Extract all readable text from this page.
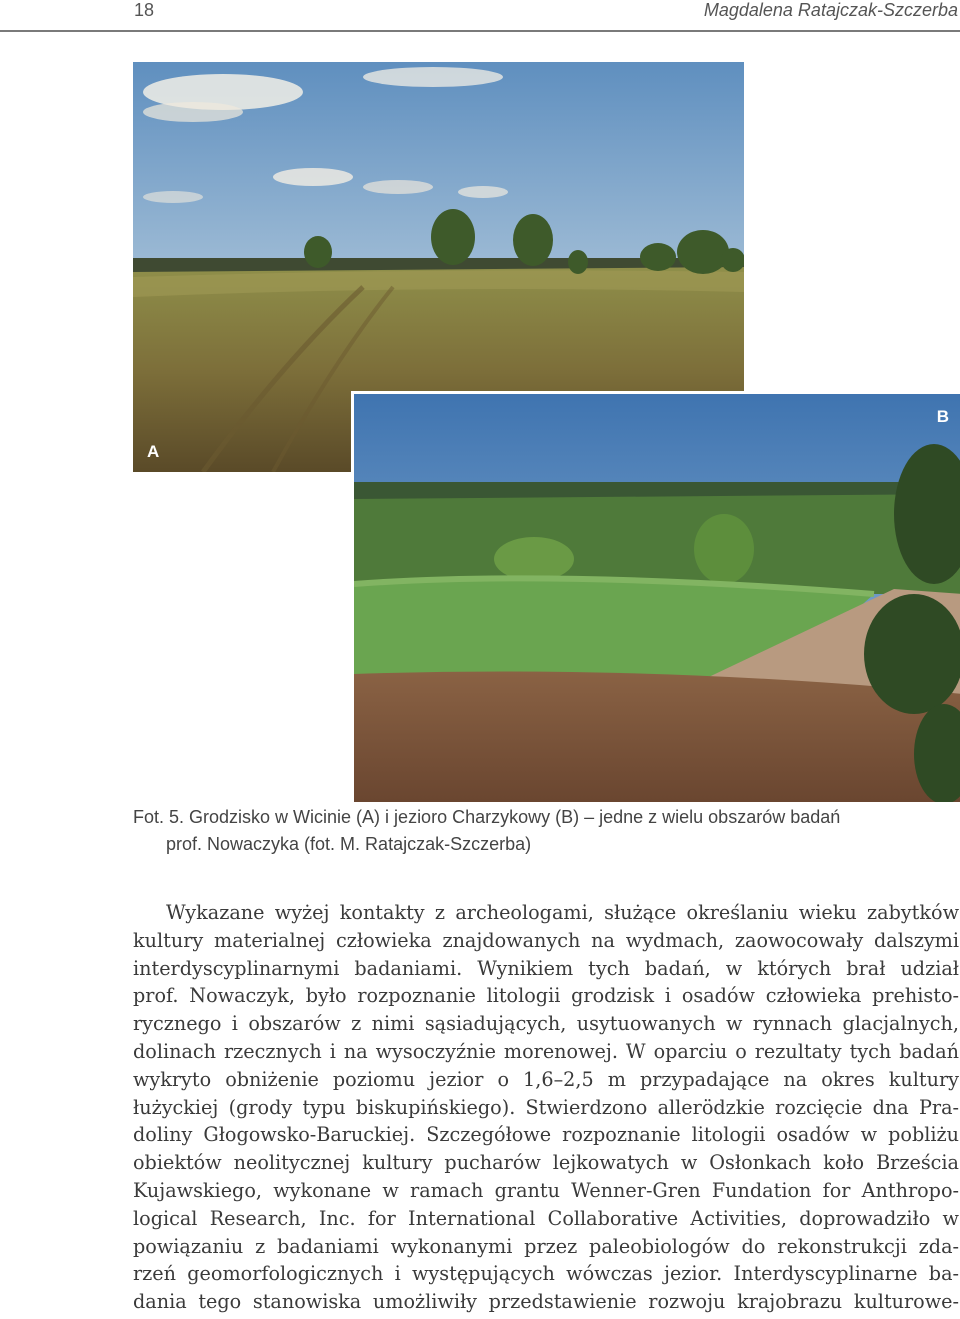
18	Magdalena Ratajczak-Szczerba
A
B
Fot. 5. Grodzisko w Wicinie (A) i jezioro Charzykowy (B) – jedne z wielu obszarów badań
prof. Nowaczyka (fot. M. Ratajczak-Szczerba)
Wykazane wyżej kontakty z archeologami, służące określaniu wieku zabytków
kultury materialnej człowieka znajdowanych na wydmach, zaowocowały dalszymi
interdyscyplinarnymi badaniami. Wynikiem tych badań, w których brał udział
prof. Nowaczyk, było rozpoznanie litologii grodzisk i osadów człowieka prehisto-
rycznego i obszarów z nimi sąsiadujących, usytuowanych w rynnach glacjalnych,
dolinach rzecznych i na wysoczyźnie morenowej. W oparciu o rezultaty tych badań
wykryto obniżenie poziomu jezior o 1,6–2,5 m przypadające na okres kultury
łużyckiej (grody typu biskupińskiego). Stwierdzono allerödzkie rozcięcie dna Pra-
doliny Głogowsko-Baruckiej. Szczegółowe rozpoznanie litologii osadów w pobliżu
obiektów neolitycznej kultury pucharów lejkowatych w Osłonkach koło Brześcia
Kujawskiego, wykonane w ramach grantu Wenner-Gren Fundation for Anthropo-
logical Research, Inc. for International Collaborative Activities, doprowadziło w
powiązaniu z badaniami wykonanymi przez paleobiologów do rekonstrukcji zda-
rzeń geomorfologicznych i występujących wówczas jezior. Interdyscyplinarne ba-
dania tego stanowiska umożliwiły przedstawienie rozwoju krajobrazu kulturowe-
